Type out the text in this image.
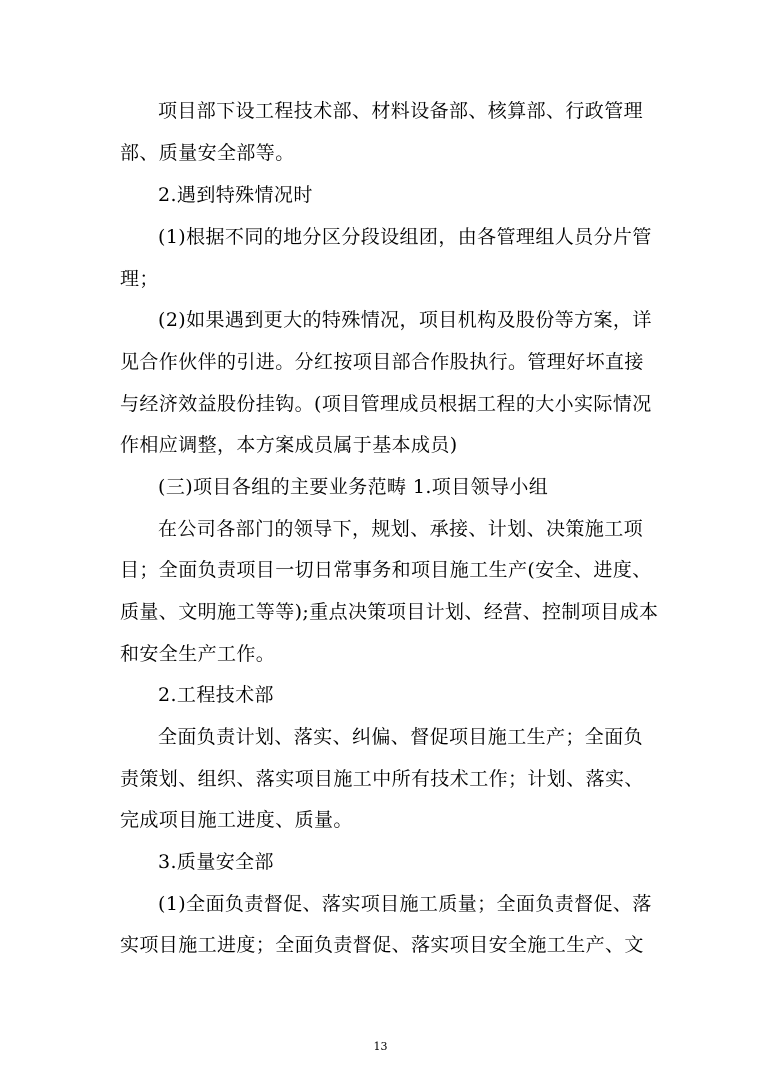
项目部下设工程技术部、材料设备部、核算部、行政管理
部、质量安全部等。
2.遇到特殊情况时
(1)根据不同的地分区分段设组团，由各管理组人员分片管
理；
(2)如果遇到更大的特殊情况，项目机构及股份等方案，详
见合作伙伴的引进。分红按项目部合作股执行。管理好坏直接
与经济效益股份挂钩。(项目管理成员根据工程的大小实际情况
作相应调整，本方案成员属于基本成员)
(三)项目各组的主要业务范畴 1.项目领导小组
在公司各部门的领导下，规划、承接、计划、决策施工项
目；全面负责项目一切日常事务和项目施工生产(安全、进度、
质量、文明施工等等);重点决策项目计划、经营、控制项目成本
和安全生产工作。
2.工程技术部
全面负责计划、落实、纠偏、督促项目施工生产；全面负
责策划、组织、落实项目施工中所有技术工作；计划、落实、
完成项目施工进度、质量。
3.质量安全部
(1)全面负责督促、落实项目施工质量；全面负责督促、落
实项目施工进度；全面负责督促、落实项目安全施工生产、文
13
